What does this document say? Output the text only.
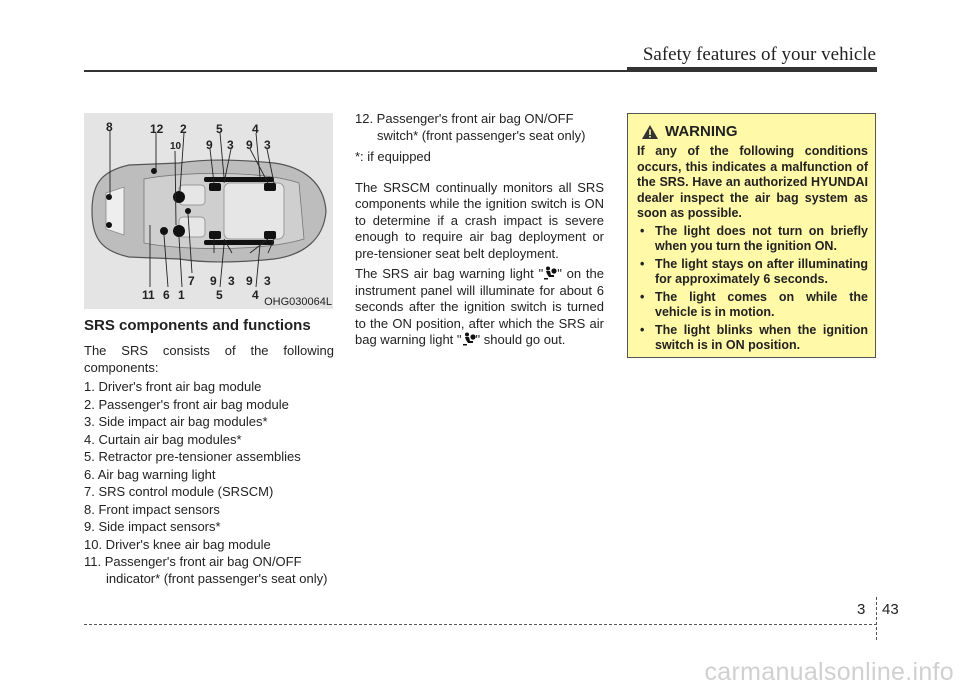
Safety features of your vehicle
8	12 2
10
5 4
9 3 9 3
11 6 1
7 9 3 9 3
5 4 OHG030064L
SRS components and functions

The SRS consists of the following components:

1. Driver's front air bag module
2. Passenger's front air bag module
3. Side impact air bag modules*
4. Curtain air bag modules*
5. Retractor pre-tensioner assemblies
6. Air bag warning light
7. SRS control module (SRSCM)
8. Front impact sensors
9. Side impact sensors*
10. Driver's knee air bag module
11. Passenger's front air bag ON/OFF indicator* (front passenger's seat only)

12. Passenger's front air bag ON/OFF switch* (front passenger's seat only)

*: if equipped

The SRSCM continually monitors all SRS components while the ignition switch is ON to determine if a crash impact is severe enough to require air bag deployment or pre-tensioner seat belt deployment.

The SRS air bag warning light " " on the instrument panel will illuminate for about 6 seconds after the ignition switch is turned to the ON position, after which the SRS air bag warning light " " should go out.

WARNING

If any of the following conditions occurs, this indicates a malfunction of the SRS. Have an authorized HYUNDAI dealer inspect the air bag system as soon as possible.

• The light does not turn on briefly when you turn the ignition ON.
• The light stays on after illuminating for approximately 6 seconds.
• The light comes on while the vehicle is in motion.
• The light blinks when the ignition switch is in ON position.
3 43
carmanualsonline.info
